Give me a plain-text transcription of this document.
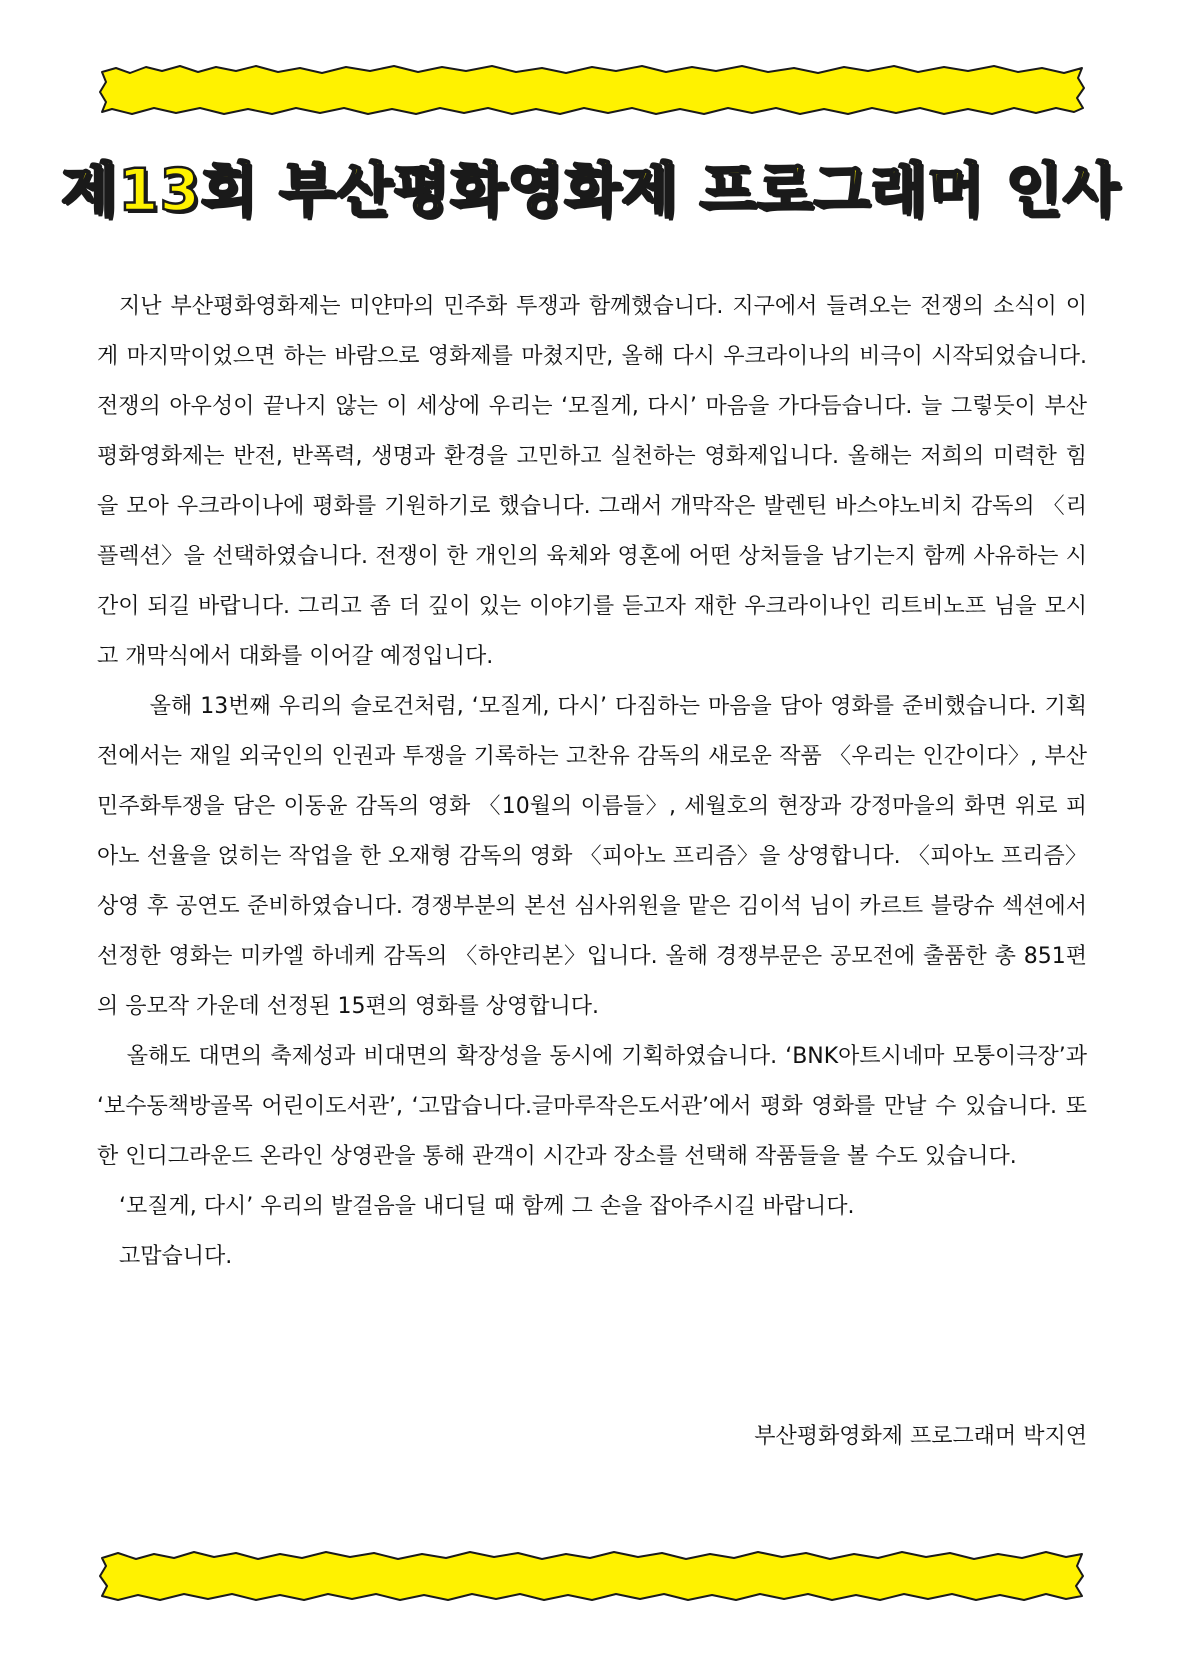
제13회 부산평화영화제 프로그래머 인사

지난 부산평화영화제는 미얀마의 민주화 투쟁과 함께했습니다. 지구에서 들려오는 전쟁의 소식이 이게 마지막이었으면 하는 바람으로 영화제를 마쳤지만, 올해 다시 우크라이나의 비극이 시작되었습니다. 전쟁의 아우성이 끝나지 않는 이 세상에 우리는 ‘모질게, 다시’ 마음을 가다듬습니다. 늘 그렇듯이 부산평화영화제는 반전, 반폭력, 생명과 환경을 고민하고 실천하는 영화제입니다. 올해는 저희의 미력한 힘을 모아 우크라이나에 평화를 기원하기로 했습니다. 그래서 개막작은 발렌틴 바스야노비치 감독의 〈리플렉션〉을 선택하였습니다. 전쟁이 한 개인의 육체와 영혼에 어떤 상처들을 남기는지 함께 사유하는 시간이 되길 바랍니다. 그리고 좀 더 깊이 있는 이야기를 듣고자 재한 우크라이나인 리트비노프 님을 모시고 개막식에서 대화를 이어갈 예정입니다.

올해 13번째 우리의 슬로건처럼, ‘모질게, 다시’ 다짐하는 마음을 담아 영화를 준비했습니다. 기획전에서는 재일 외국인의 인권과 투쟁을 기록하는 고찬유 감독의 새로운 작품 〈우리는 인간이다〉, 부산민주화투쟁을 담은 이동윤 감독의 영화 〈10월의 이름들〉, 세월호의 현장과 강정마을의 화면 위로 피아노 선율을 얹히는 작업을 한 오재형 감독의 영화 〈피아노 프리즘〉을 상영합니다. 〈피아노 프리즘〉 상영 후 공연도 준비하였습니다. 경쟁부분의 본선 심사위원을 맡은 김이석 님이 카르트 블랑슈 섹션에서 선정한 영화는 미카엘 하네케 감독의 〈하얀리본〉입니다. 올해 경쟁부문은 공모전에 출품한 총 851편의 응모작 가운데 선정된 15편의 영화를 상영합니다.

올해도 대면의 축제성과 비대면의 확장성을 동시에 기획하였습니다. ‘BNK아트시네마 모퉁이극장’과 ‘보수동책방골목 어린이도서관’, ‘고맙습니다.글마루작은도서관’에서 평화 영화를 만날 수 있습니다. 또한 인디그라운드 온라인 상영관을 통해 관객이 시간과 장소를 선택해 작품들을 볼 수도 있습니다.

‘모질게, 다시’ 우리의 발걸음을 내디딜 때 함께 그 손을 잡아주시길 바랍니다.

고맙습니다.

부산평화영화제 프로그래머 박지연
